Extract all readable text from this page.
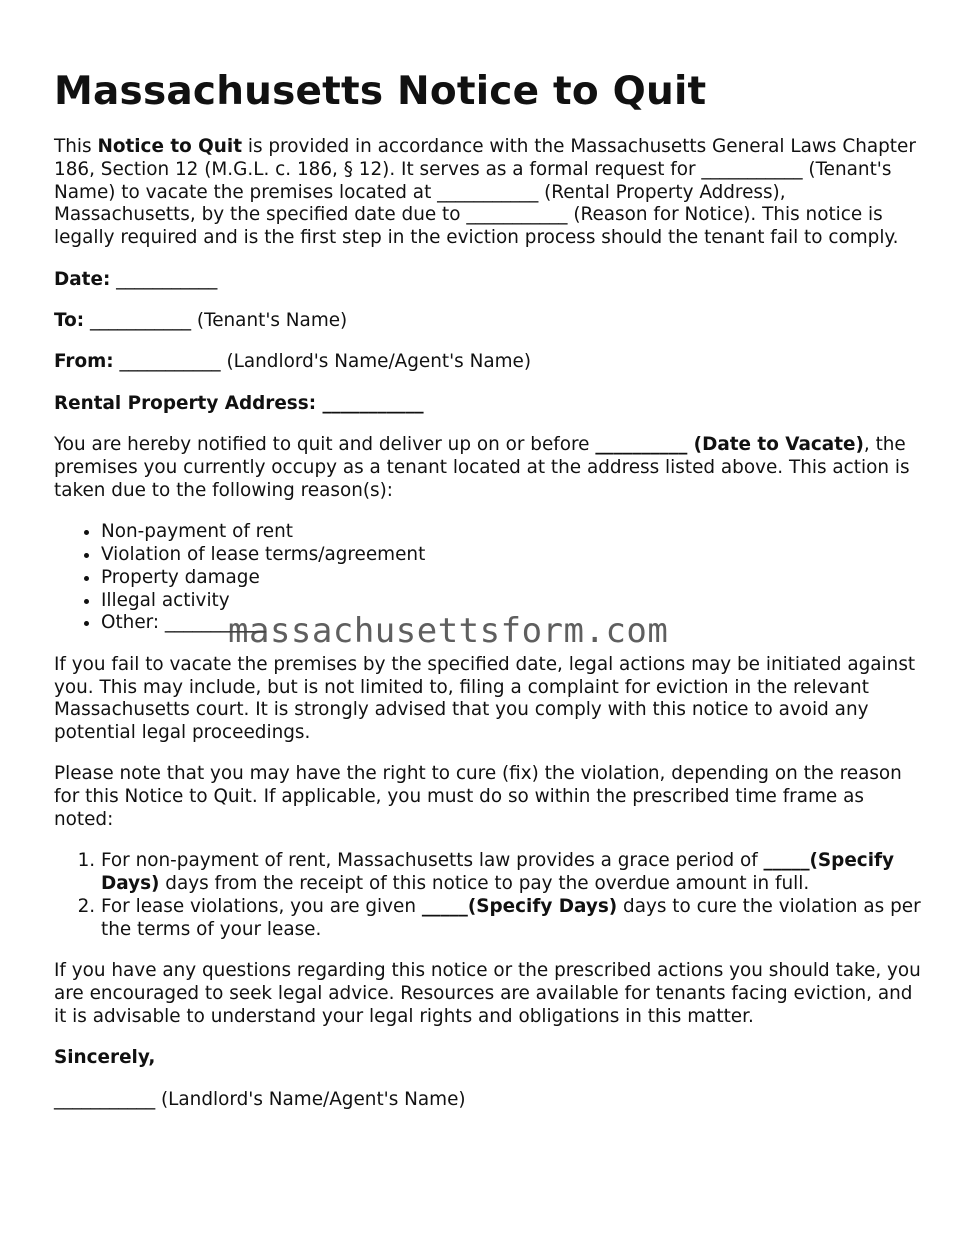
Massachusetts Notice to Quit

This Notice to Quit is provided in accordance with the Massachusetts General Laws Chapter 186, Section 12 (M.G.L. c. 186, § 12). It serves as a formal request for ___________ (Tenant's Name) to vacate the premises located at ___________ (Rental Property Address), Massachusetts, by the specified date due to ___________ (Reason for Notice). This notice is legally required and is the first step in the eviction process should the tenant fail to comply.

Date: ___________

To: ___________ (Tenant's Name)

From: ___________ (Landlord's Name/Agent's Name)

Rental Property Address: ___________

You are hereby notified to quit and deliver up on or before __________ (Date to Vacate), the premises you currently occupy as a tenant located at the address listed above. This action is taken due to the following reason(s):

• Non-payment of rent
• Violation of lease terms/agreement
• Property damage
• Illegal activity
• Other: ___________

If you fail to vacate the premises by the specified date, legal actions may be initiated against you. This may include, but is not limited to, filing a complaint for eviction in the relevant Massachusetts court. It is strongly advised that you comply with this notice to avoid any potential legal proceedings.

Please note that you may have the right to cure (fix) the violation, depending on the reason for this Notice to Quit. If applicable, you must do so within the prescribed time frame as noted:

1. For non-payment of rent, Massachusetts law provides a grace period of _____(Specify Days) days from the receipt of this notice to pay the overdue amount in full.
2. For lease violations, you are given _____(Specify Days) days to cure the violation as per the terms of your lease.

If you have any questions regarding this notice or the prescribed actions you should take, you are encouraged to seek legal advice. Resources are available for tenants facing eviction, and it is advisable to understand your legal rights and obligations in this matter.

Sincerely,

___________ (Landlord's Name/Agent's Name)

massachusettsform.com
